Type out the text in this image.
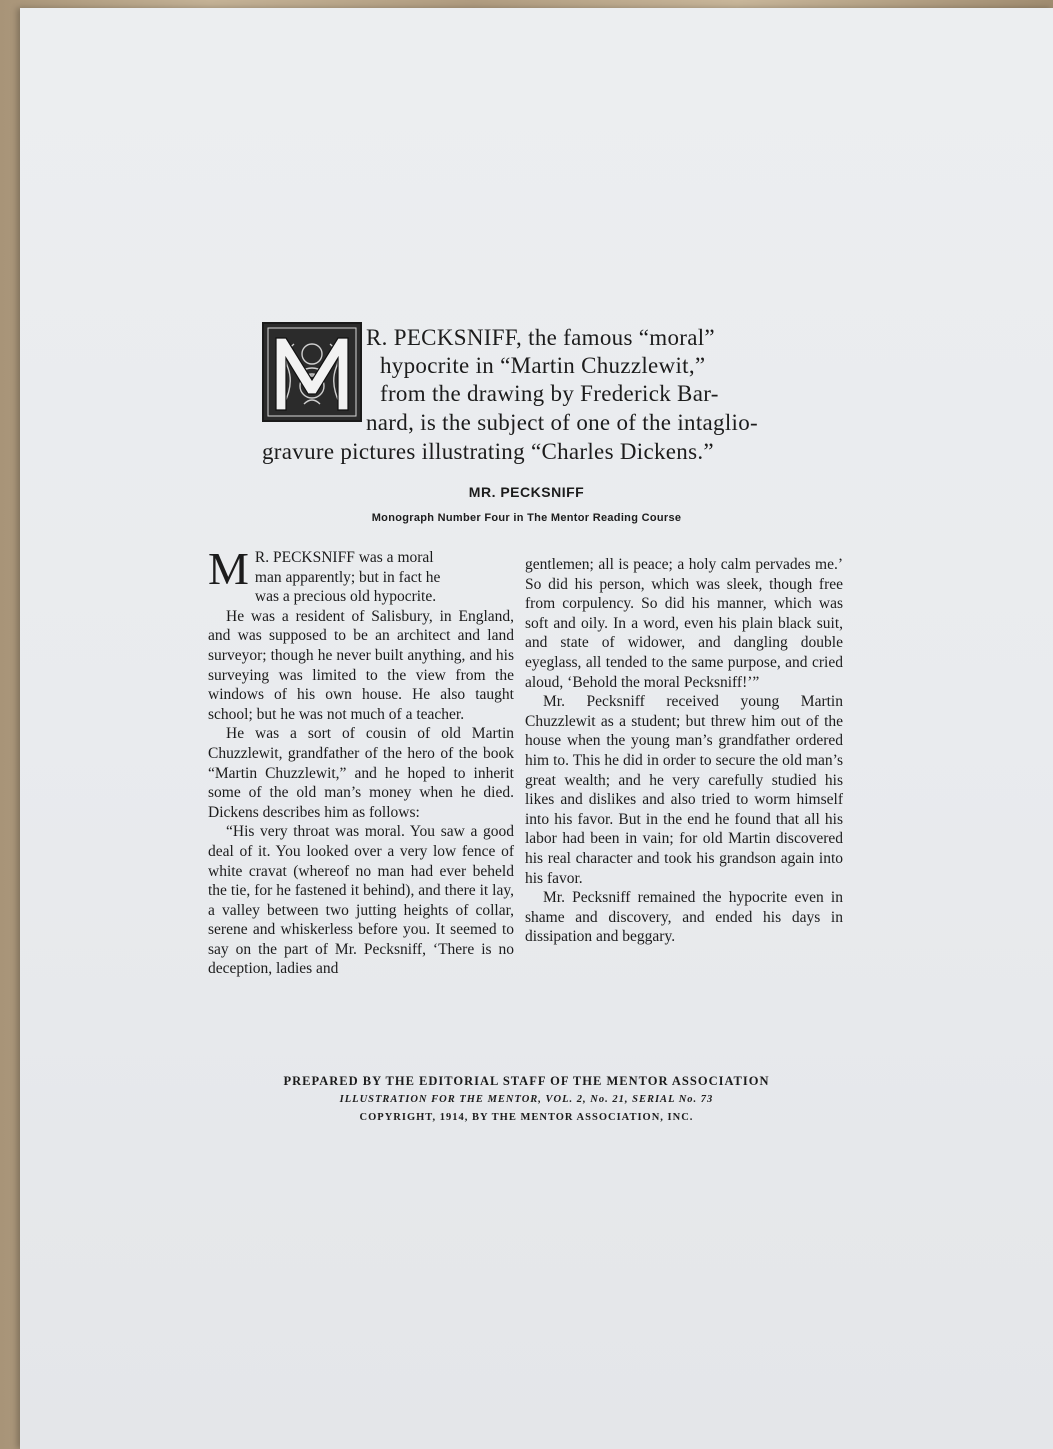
R. PECKSNIFF, the famous “moral”
hypocrite in “Martin Chuzzlewit,”
from the drawing by Frederick Bar-
nard, is the subject of one of the intaglio-
gravure pictures illustrating “Charles Dickens.”
MR. PECKSNIFF
Monograph Number Four in The Mentor Reading Course

M R. PECKSNIFF was a moral
man apparently; but in fact he
was a precious old hypocrite.

He was a resident of Salisbury, in England, and was supposed to be an architect and land surveyor; though he never built anything, and his surveying was limited to the view from the windows of his own house. He also taught school; but he was not much of a teacher.

He was a sort of cousin of old Martin Chuzzlewit, grandfather of the hero of the book “Martin Chuzzlewit,” and he hoped to inherit some of the old man’s money when he died. Dickens describes him as follows:

“His very throat was moral. You saw a good deal of it. You looked over a very low fence of white cravat (whereof no man had ever beheld the tie, for he fastened it behind), and there it lay, a valley between two jutting heights of collar, serene and whiskerless before you. It seemed to say on the part of Mr. Pecksniff, ‘There is no deception, ladies and

gentlemen; all is peace; a holy calm pervades me.’ So did his person, which was sleek, though free from corpulency. So did his manner, which was soft and oily. In a word, even his plain black suit, and state of widower, and dangling double eyeglass, all tended to the same purpose, and cried aloud, ‘Behold the moral Pecksniff!’”

Mr. Pecksniff received young Martin Chuzzlewit as a student; but threw him out of the house when the young man’s grandfather ordered him to. This he did in order to secure the old man’s great wealth; and he very carefully studied his likes and dislikes and also tried to worm himself into his favor. But in the end he found that all his labor had been in vain; for old Martin discovered his real character and took his grandson again into his favor.

Mr. Pecksniff remained the hypocrite even in shame and discovery, and ended his days in dissipation and beggary.

PREPARED BY THE EDITORIAL STAFF OF THE MENTOR ASSOCIATION
ILLUSTRATION FOR THE MENTOR, VOL. 2, No. 21, SERIAL No. 73
COPYRIGHT, 1914, BY THE MENTOR ASSOCIATION, INC.
